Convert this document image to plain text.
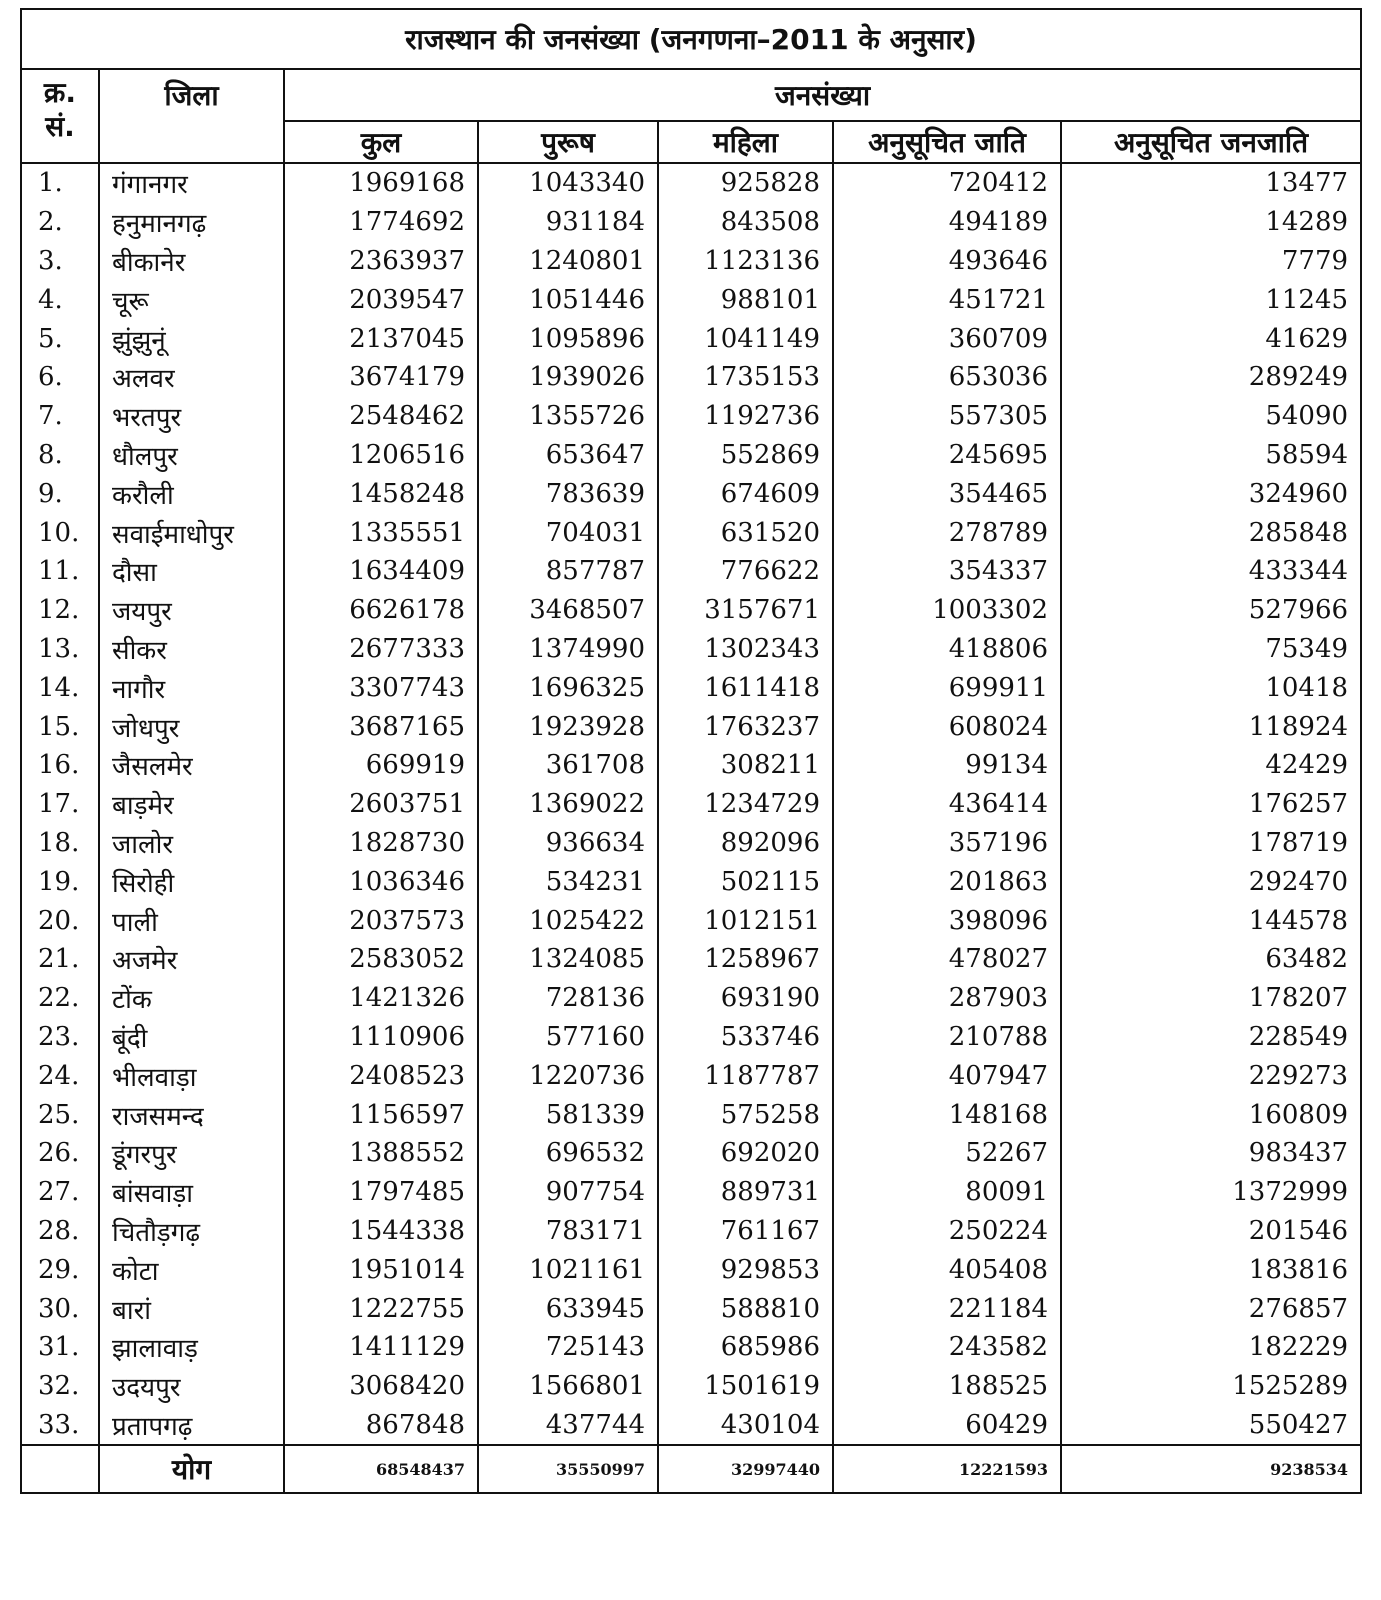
राजस्थान की जनसंख्या (जनगणना–2011 के अनुसार)						
क्र.
सं.	जिला	जनसंख्या				
		कुल	पुरूष	महिला	अनुसूचित जाति	अनुसूचित जनजाति
1.	गंगानगर	1969168	1043340	925828	720412	13477
2.	हनुमानगढ़	1774692	931184	843508	494189	14289
3.	बीकानेर	2363937	1240801	1123136	493646	7779
4.	चूरू	2039547	1051446	988101	451721	11245
5.	झुंझुनूं	2137045	1095896	1041149	360709	41629
6.	अलवर	3674179	1939026	1735153	653036	289249
7.	भरतपुर	2548462	1355726	1192736	557305	54090
8.	धौलपुर	1206516	653647	552869	245695	58594
9.	करौली	1458248	783639	674609	354465	324960
10.	सवाईमाधोपुर	1335551	704031	631520	278789	285848
11.	दौसा	1634409	857787	776622	354337	433344
12.	जयपुर	6626178	3468507	3157671	1003302	527966
13.	सीकर	2677333	1374990	1302343	418806	75349
14.	नागौर	3307743	1696325	1611418	699911	10418
15.	जोधपुर	3687165	1923928	1763237	608024	118924
16.	जैसलमेर	669919	361708	308211	99134	42429
17.	बाड़मेर	2603751	1369022	1234729	436414	176257
18.	जालोर	1828730	936634	892096	357196	178719
19.	सिरोही	1036346	534231	502115	201863	292470
20.	पाली	2037573	1025422	1012151	398096	144578
21.	अजमेर	2583052	1324085	1258967	478027	63482
22.	टोंक	1421326	728136	693190	287903	178207
23.	बूंदी	1110906	577160	533746	210788	228549
24.	भीलवाड़ा	2408523	1220736	1187787	407947	229273
25.	राजसमन्द	1156597	581339	575258	148168	160809
26.	डूंगरपुर	1388552	696532	692020	52267	983437
27.	बांसवाड़ा	1797485	907754	889731	80091	1372999
28.	चितौड़गढ़	1544338	783171	761167	250224	201546
29.	कोटा	1951014	1021161	929853	405408	183816
30.	बारां	1222755	633945	588810	221184	276857
31.	झालावाड़	1411129	725143	685986	243582	182229
32.	उदयपुर	3068420	1566801	1501619	188525	1525289
33.	प्रतापगढ़	867848	437744	430104	60429	550427
	योग	68548437	35550997	32997440	12221593	9238534
